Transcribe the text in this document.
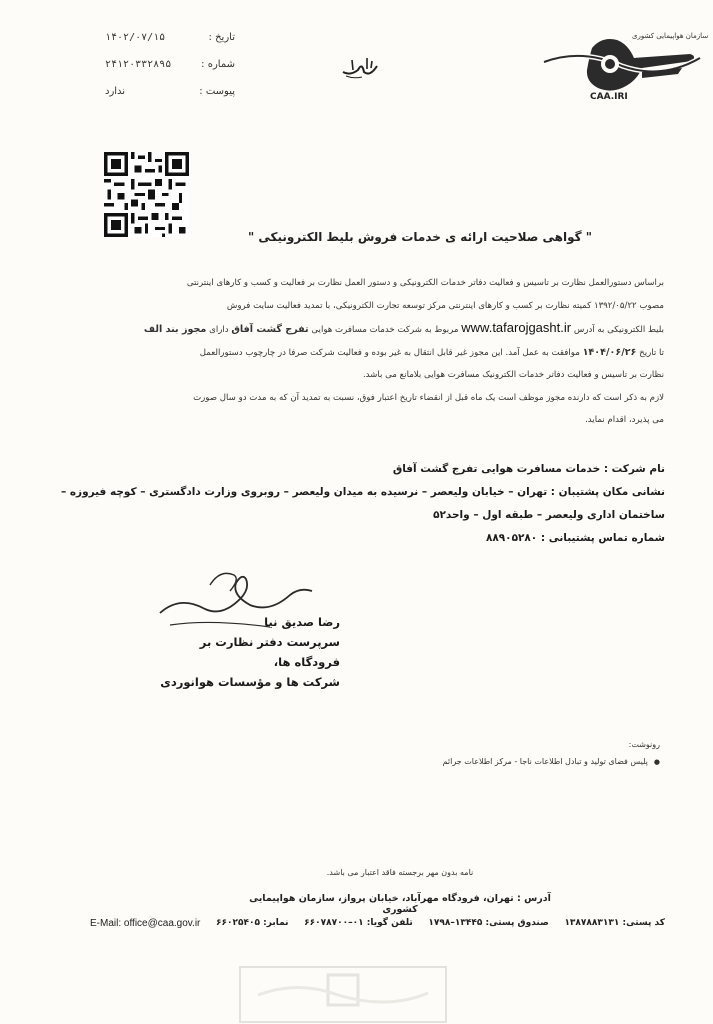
تاریخ :
۱۴۰۲/۰۷/۱۵
شماره :
۲۴۱۲۰۳۳۲۸۹۵
پیوست :
ندارد
سازمان هواپیمایی کشوری
CAA.IRI
" گواهی صلاحیت ارائه ی خدمات فروش بلیط الکترونیکی "

براساس دستورالعمل نظارت بر تاسیس و فعالیت دفاتر خدمات الکترونیکی و دستور العمل نظارت بر فعالیت و کسب و کارهای اینترنتی

مصوب ۱۳۹۲/۰۵/۲۲ کمیته نظارت بر کسب و کارهای اینترنتی مرکز توسعه تجارت الکترونیکی، با تمدید فعالیت سایت فروش

بلیط الکترونیکی به آدرس www.tafarojgasht.ir مربوط به شرکت خدمات مسافرت هوایی تفرج گشت آفاق دارای مجوز بند الف

تا تاریخ ۱۴۰۴/۰۶/۲۶ موافقت به عمل آمد. این مجوز غیر قابل انتقال به غیر بوده و فعالیت شرکت صرفا در چارچوب دستورالعمل

نظارت بر تاسیس و فعالیت دفاتر خدمات الکترونیک مسافرت هوایی بلامانع می باشد.

لازم به ذکر است که دارنده مجوز موظف است یک ماه قبل از انقضاء تاریخ اعتبار فوق، نسبت به تمدید آن که به مدت دو سال صورت

می پذیرد، اقدام نماید.

نام شرکت : خدمات مسافرت هوایی تفرج گشت آفاق
نشانی مکان پشتیبان : تهران – خیابان ولیعصر – نرسیده به میدان ولیعصر – روبروی وزارت دادگستری – کوچه فیروزه –
ساختمان اداری ولیعصر – طبقه اول – واحد۵۲
شماره تماس پشتیبانی : ۸۸۹۰۵۲۸۰
رضا صدیق نیا
سرپرست دفتر نظارت بر فرودگاه ها،
شرکت ها و مؤسسات هوانوردی
رونوشت:
● پلیس فضای تولید و تبادل اطلاعات ناجا - مرکز اطلاعات جرائم
نامه بدون مهر برجسته فاقد اعتبار می باشد.
آدرس : تهران، فرودگاه مهرآباد، خیابان پرواز، سازمان هواپیمایی کشوری
کد پستی: ۱۳۸۷۸۸۳۱۳۱
صندوق پستی: ۱۳۴۴۵–۱۷۹۸
تلفن گویا: ۰۱–۶۶۰۷۸۷۰۰
نمابر: ۶۶۰۲۵۴۰۵
E-Mail: office@caa.gov.ir
